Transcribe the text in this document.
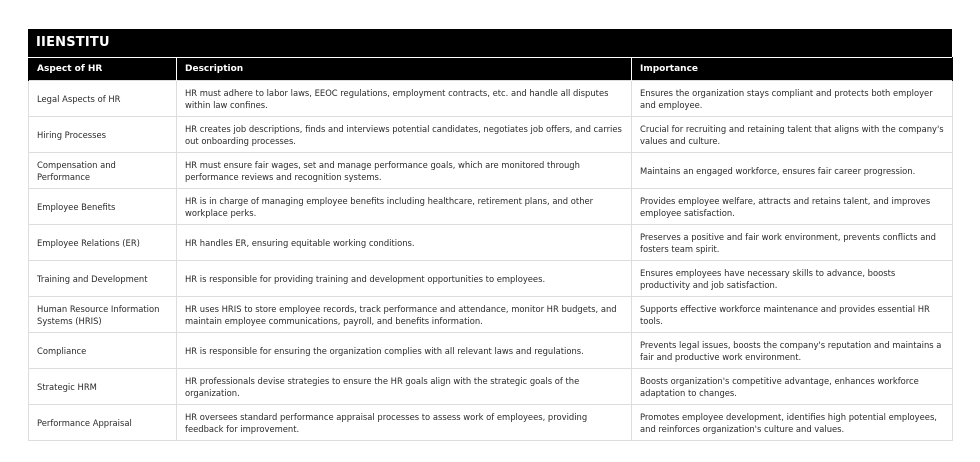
IIENSTITU
Aspect of HR	Description	Importance
Legal Aspects of HR	HR must adhere to labor laws, EEOC regulations, employment contracts, etc. and handle all disputes within law confines.	Ensures the organization stays compliant and protects both employer and employee.
Hiring Processes	HR creates job descriptions, finds and interviews potential candidates, negotiates job offers, and carries out onboarding processes.	Crucial for recruiting and retaining talent that aligns with the company's values and culture.
Compensation and Performance	HR must ensure fair wages, set and manage performance goals, which are monitored through performance reviews and recognition systems.	Maintains an engaged workforce, ensures fair career progression.
Employee Benefits	HR is in charge of managing employee benefits including healthcare, retirement plans, and other workplace perks.	Provides employee welfare, attracts and retains talent, and improves employee satisfaction.
Employee Relations (ER)	HR handles ER, ensuring equitable working conditions.	Preserves a positive and fair work environment, prevents conflicts and fosters team spirit.
Training and Development	HR is responsible for providing training and development opportunities to employees.	Ensures employees have necessary skills to advance, boosts productivity and job satisfaction.
Human Resource Information Systems (HRIS)	HR uses HRIS to store employee records, track performance and attendance, monitor HR budgets, and maintain employee communications, payroll, and benefits information.	Supports effective workforce maintenance and provides essential HR tools.
Compliance	HR is responsible for ensuring the organization complies with all relevant laws and regulations.	Prevents legal issues, boosts the company's reputation and maintains a fair and productive work environment.
Strategic HRM	HR professionals devise strategies to ensure the HR goals align with the strategic goals of the organization.	Boosts organization's competitive advantage, enhances workforce adaptation to changes.
Performance Appraisal	HR oversees standard performance appraisal processes to assess work of employees, providing feedback for improvement.	Promotes employee development, identifies high potential employees, and reinforces organization's culture and values.
